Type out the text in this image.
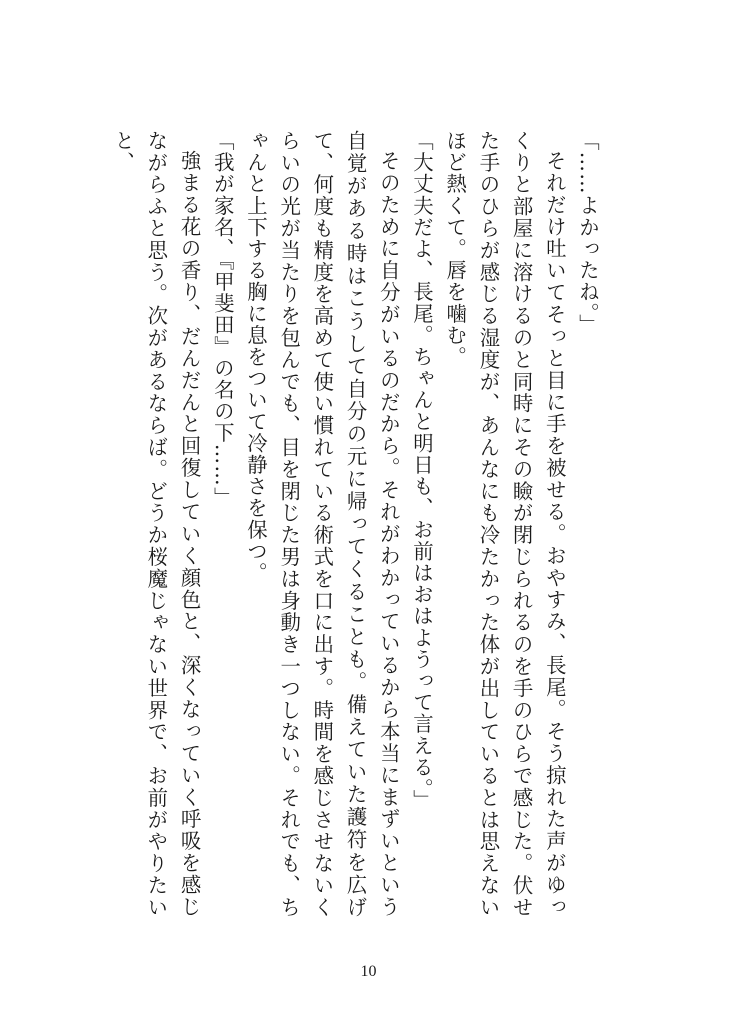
「……よかったね。」

それだけ吐いてそっと目に手を被せる。おやすみ、長尾。そう掠れた声がゆっくりと部屋に溶けるのと同時にその瞼が閉じられるのを手のひらで感じた。伏せた手のひらが感じる湿度が、あんなにも冷たかった体が出しているとは思えないほど熱くて。唇を噛む。

「大丈夫だよ、長尾。ちゃんと明日も、お前はおはようって言える。」

そのために自分がいるのだから。それがわかっているから本当にまずいという自覚がある時はこうして自分の元に帰ってくることも。備えていた護符を広げて、何度も精度を高めて使い慣れている術式を口に出す。時間を感じさせないくらいの光が当たりを包んでも、目を閉じた男は身動き一つしない。それでも、ちゃんと上下する胸に息をついて冷静さを保つ。

「我が家名、『甲斐田』の名の下……」

強まる花の香り、だんだんと回復していく顔色と、深くなっていく呼吸を感じながらふと思う。次があるならば。どうか桜魔じゃない世界で、お前がやりたいと、

10
